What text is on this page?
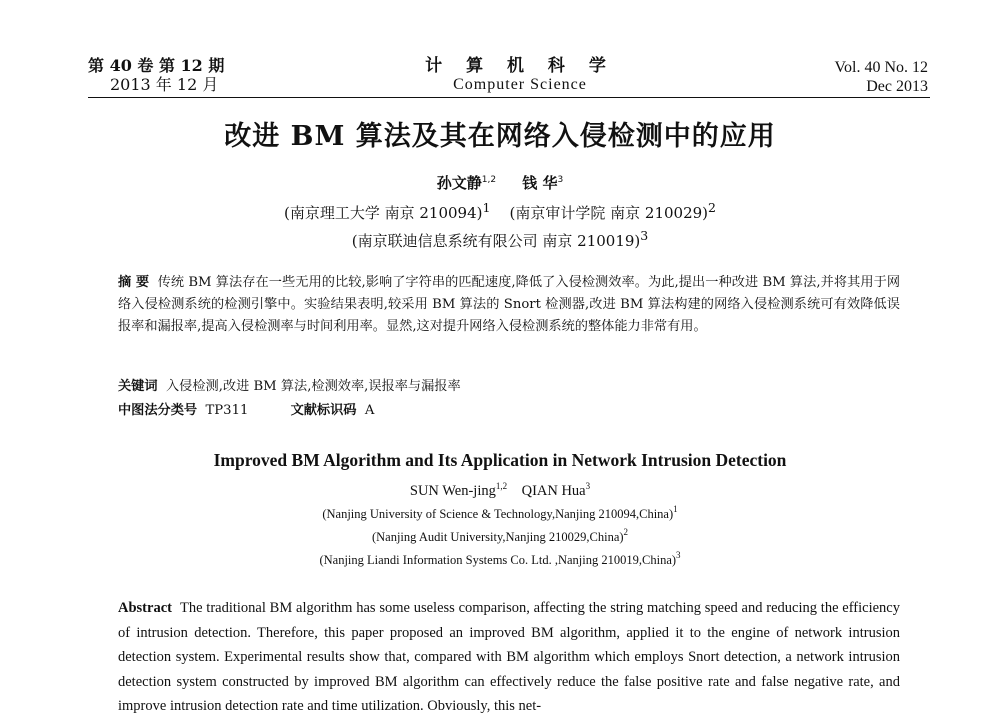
第 40 卷 第 12 期
2013 年 12 月
计 算 机 科 学
Computer Science
Vol. 40 No. 12
Dec 2013
改进 BM 算法及其在网络入侵检测中的应用
孙文静$^{1,2}$ 钱 华$^3$
(南京理工大学 南京 210094)$^1$ (南京审计学院 南京 210029)$^2$
(南京联迪信息系统有限公司 南京 210019)$^3$
摘 要 传统 BM 算法存在一些无用的比较,影响了字符串的匹配速度,降低了入侵检测效率。为此,提出一种改进 BM 算法,并将其用于网络入侵检测系统的检测引擎中。实验结果表明,较采用 BM 算法的 Snort 检测器,改进 BM 算法构建的网络入侵检测系统可有效降低误报率和漏报率,提高入侵检测率与时间利用率。显然,这对提升网络入侵检测系统的整体能力非常有用。
关键词 入侵检测,改进 BM 算法,检测效率,误报率与漏报率
中图法分类号 TP311	文献标识码 A
Improved BM Algorithm and Its Application in Network Intrusion Detection
SUN Wen-jing$^{1,2}$ QIAN Hua$^3$
(Nanjing University of Science & Technology,Nanjing 210094,China)$^1$
(Nanjing Audit University,Nanjing 210029,China)$^2$
(Nanjing Liandi Information Systems Co. Ltd. ,Nanjing 210019,China)$^3$
Abstract The traditional BM algorithm has some useless comparison, affecting the string matching speed and reducing the efficiency of intrusion detection. Therefore, this paper proposed an improved BM algorithm, applied it to the engine of network intrusion detection system. Experimental results show that, compared with BM algorithm which employs Snort detection, a network intrusion detection system constructed by improved BM algorithm can effectively reduce the false positive rate and false negative rate, and improve intrusion detection rate and time utilization. Obviously, this net-
